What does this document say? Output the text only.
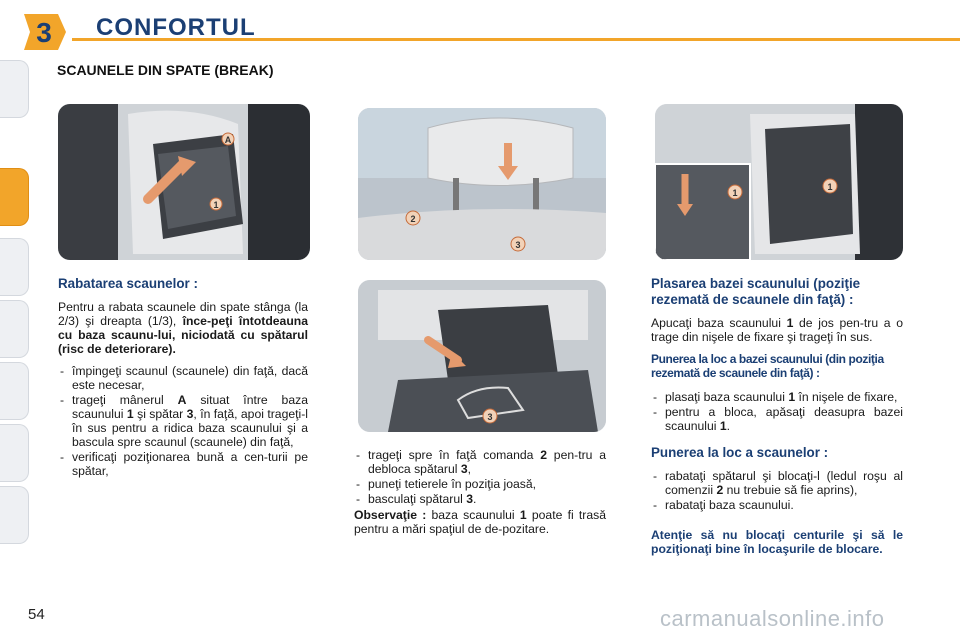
3 CONFORTUL
SCAUNELE DIN SPATE (BREAK)
A
1
2
3
1
1
3
Rabatarea scaunelor :

Pentru a rabata scaunele din spate stânga (la 2/3) şi dreapta (1/3), înce-peţi întotdeauna cu baza scaunu-lui, niciodată cu spătarul (risc de deteriorare).

- împingeţi scaunul (scaunele) din faţă, dacă este necesar,
- trageţi mânerul A situat între baza scaunului 1 şi spătar 3, în faţă, apoi trageţi-l în sus pentru a ridica baza scaunului şi a bascula spre scaunul (scaunele) din faţă,
- verificaţi poziţionarea bună a cen-turii pe spătar,
- trageţi spre în faţă comanda 2 pen-tru a debloca spătarul 3,
- puneţi tetierele în poziţia joasă,
- basculaţi spătarul 3.

Observaţie : baza scaunului 1 poate fi trasă pentru a mări spaţiul de de-pozitare.

Plasarea bazei scaunului (poziţie rezemată de scaunele din faţă) :

Apucaţi baza scaunului 1 de jos pen-tru a o trage din nişele de fixare şi trageţi în sus.

Punerea la loc a bazei scaunului (din poziţia rezemată de scaunele din faţă) :
- plasaţi baza scaunului 1 în nişele de fixare,
- pentru a bloca, apăsaţi deasupra bazei scaunului 1.
Punerea la loc a scaunelor :
- rabataţi spătarul şi blocaţi-l (ledul roşu al comenzii 2 nu trebuie să fie aprins),
- rabataţi baza scaunului.

Atenţie să nu blocaţi centurile şi să le poziţionaţi bine în locaşurile de blocare.

54	carmanualsonline.info
